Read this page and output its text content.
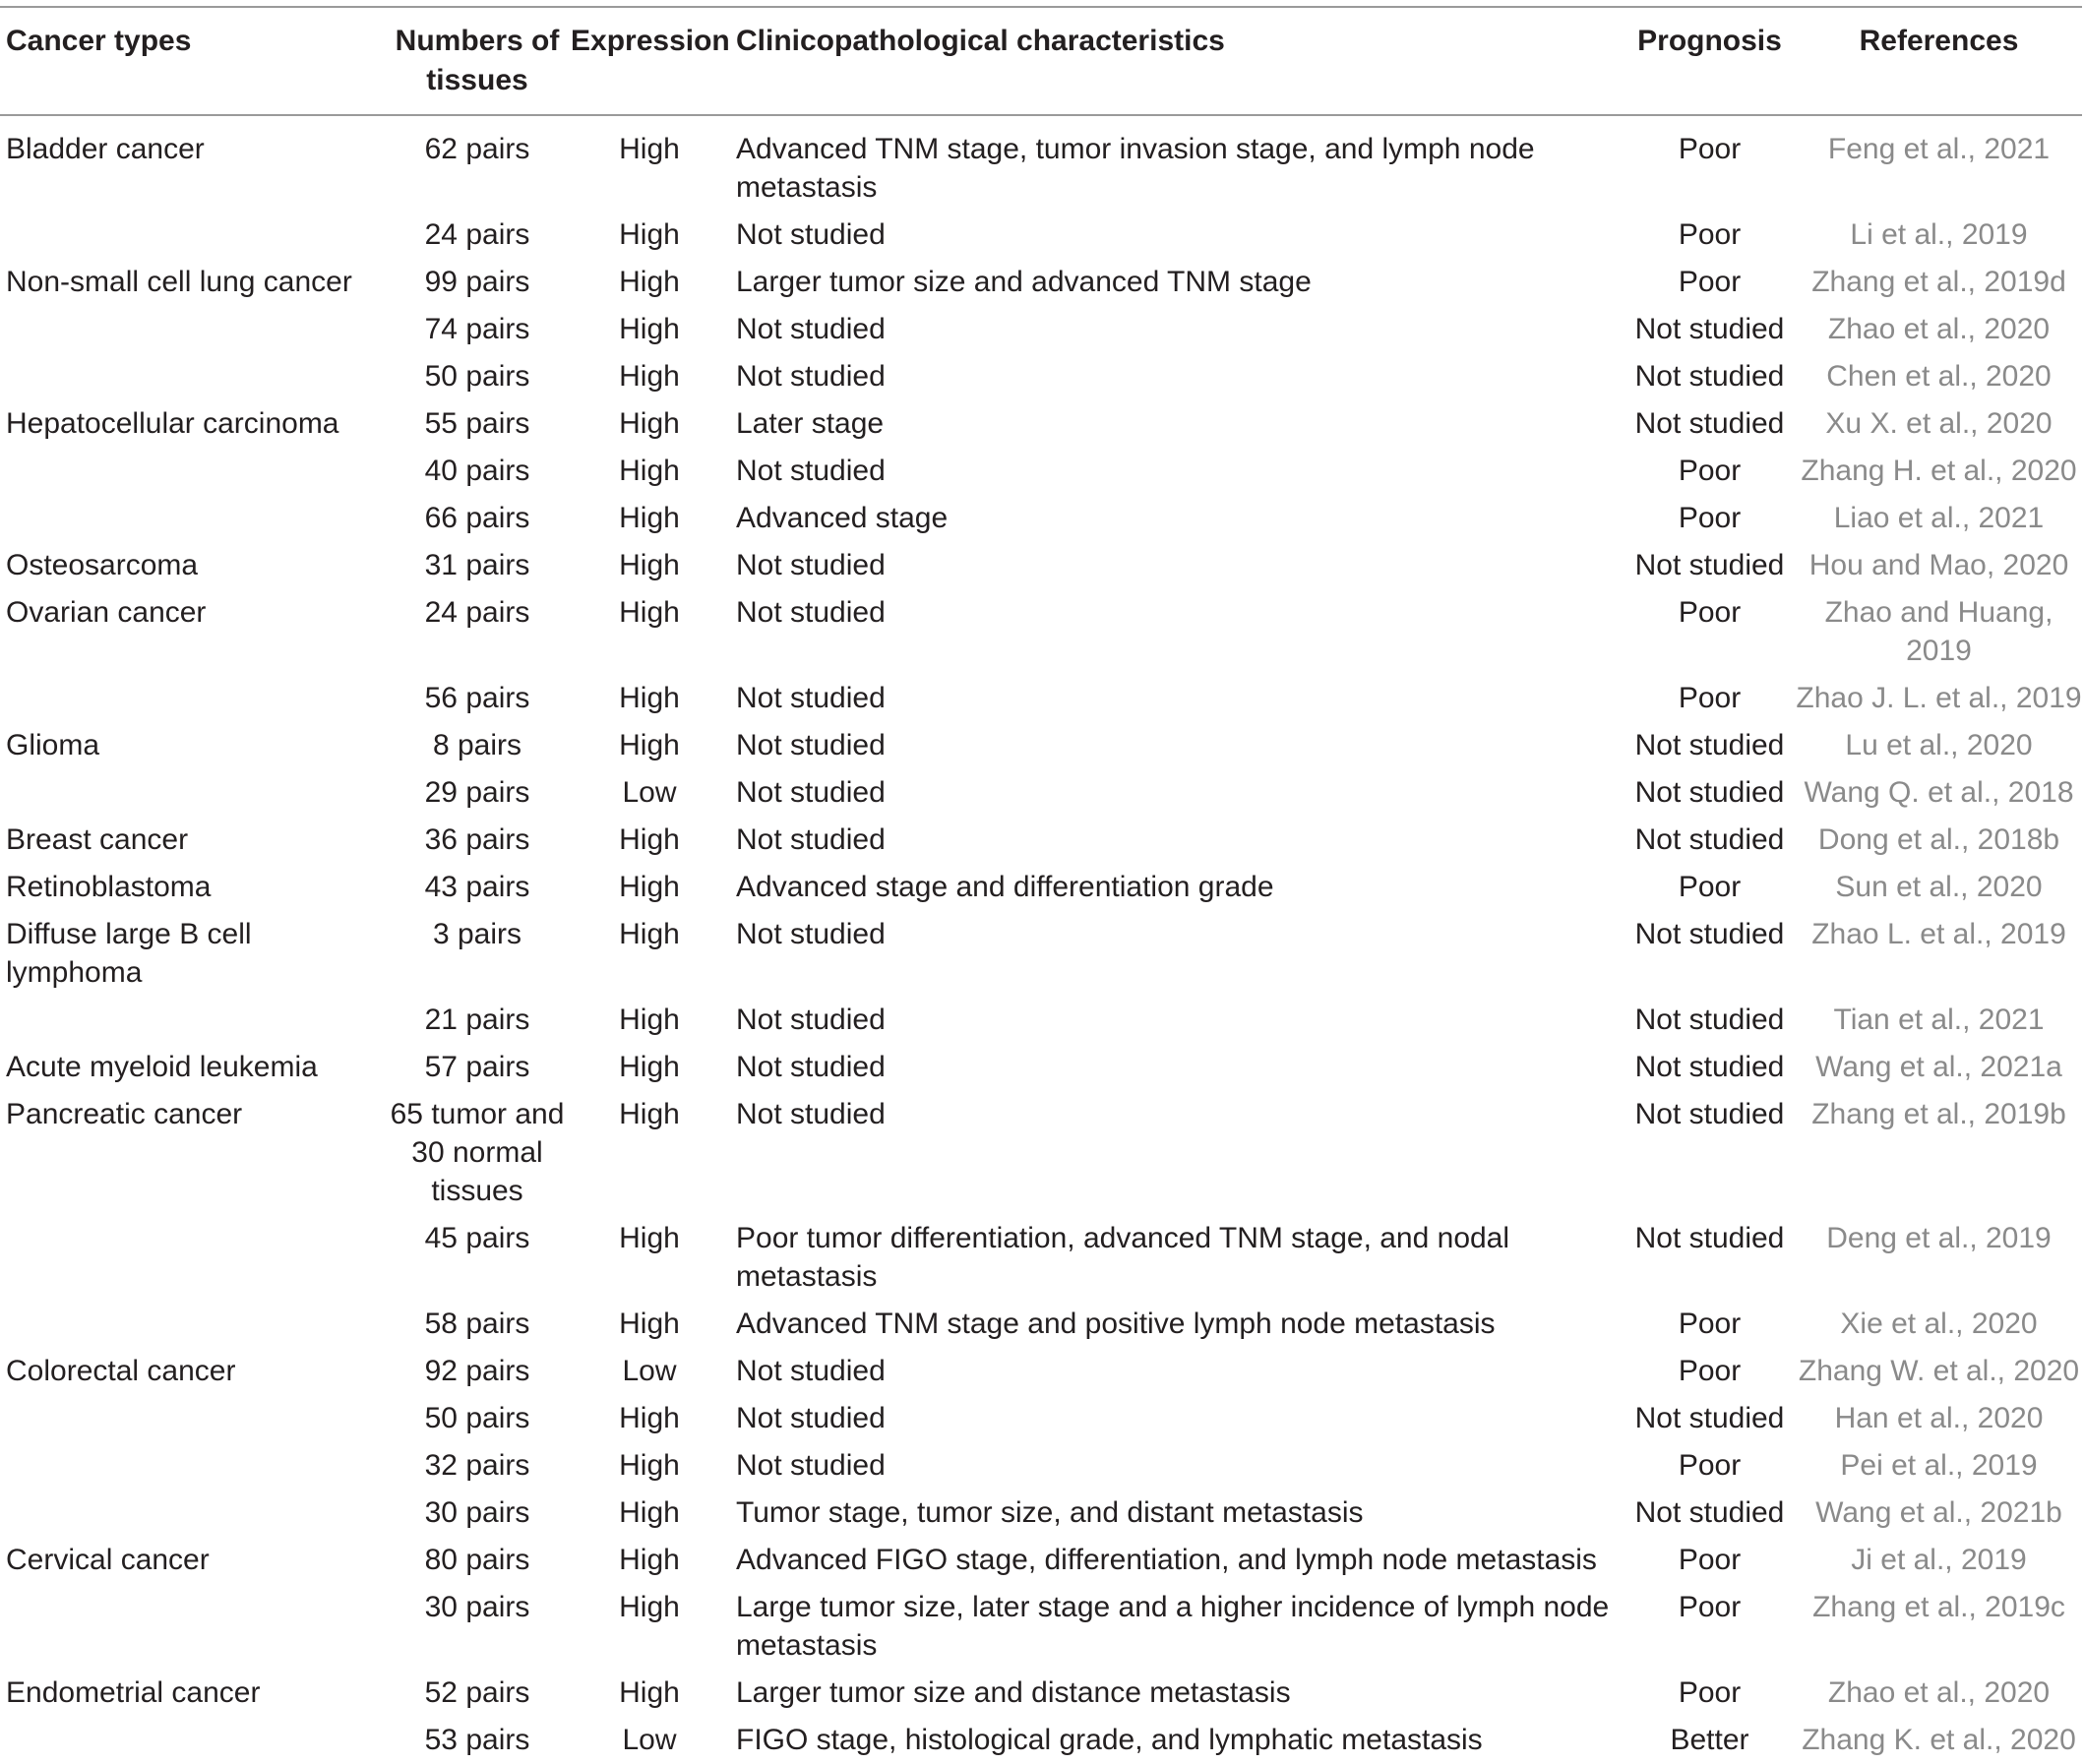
Cancer types	Numbers of tissues	Expression	Clinicopathological characteristics	Prognosis	References
Bladder cancer	62 pairs	High	Advanced TNM stage, tumor invasion stage, and lymph node metastasis	Poor	Feng et al., 2021
	24 pairs	High	Not studied	Poor	Li et al., 2019
Non-small cell lung cancer	99 pairs	High	Larger tumor size and advanced TNM stage	Poor	Zhang et al., 2019d
	74 pairs	High	Not studied	Not studied	Zhao et al., 2020
	50 pairs	High	Not studied	Not studied	Chen et al., 2020
Hepatocellular carcinoma	55 pairs	High	Later stage	Not studied	Xu X. et al., 2020
	40 pairs	High	Not studied	Poor	Zhang H. et al., 2020
	66 pairs	High	Advanced stage	Poor	Liao et al., 2021
Osteosarcoma	31 pairs	High	Not studied	Not studied	Hou and Mao, 2020
Ovarian cancer	24 pairs	High	Not studied	Poor	Zhao and Huang, 2019
	56 pairs	High	Not studied	Poor	Zhao J. L. et al., 2019
Glioma	8 pairs	High	Not studied	Not studied	Lu et al., 2020
	29 pairs	Low	Not studied	Not studied	Wang Q. et al., 2018
Breast cancer	36 pairs	High	Not studied	Not studied	Dong et al., 2018b
Retinoblastoma	43 pairs	High	Advanced stage and differentiation grade	Poor	Sun et al., 2020
Diffuse large B cell lymphoma	3 pairs	High	Not studied	Not studied	Zhao L. et al., 2019
	21 pairs	High	Not studied	Not studied	Tian et al., 2021
Acute myeloid leukemia	57 pairs	High	Not studied	Not studied	Wang et al., 2021a
Pancreatic cancer	65 tumor and 30 normal tissues	High	Not studied	Not studied	Zhang et al., 2019b
	45 pairs	High	Poor tumor differentiation, advanced TNM stage, and nodal metastasis	Not studied	Deng et al., 2019
	58 pairs	High	Advanced TNM stage and positive lymph node metastasis	Poor	Xie et al., 2020
Colorectal cancer	92 pairs	Low	Not studied	Poor	Zhang W. et al., 2020
	50 pairs	High	Not studied	Not studied	Han et al., 2020
	32 pairs	High	Not studied	Poor	Pei et al., 2019
	30 pairs	High	Tumor stage, tumor size, and distant metastasis	Not studied	Wang et al., 2021b
Cervical cancer	80 pairs	High	Advanced FIGO stage, differentiation, and lymph node metastasis	Poor	Ji et al., 2019
	30 pairs	High	Large tumor size, later stage and a higher incidence of lymph node metastasis	Poor	Zhang et al., 2019c
Endometrial cancer	52 pairs	High	Larger tumor size and distance metastasis	Poor	Zhao et al., 2020
	53 pairs	Low	FIGO stage, histological grade, and lymphatic metastasis	Better	Zhang K. et al., 2020
